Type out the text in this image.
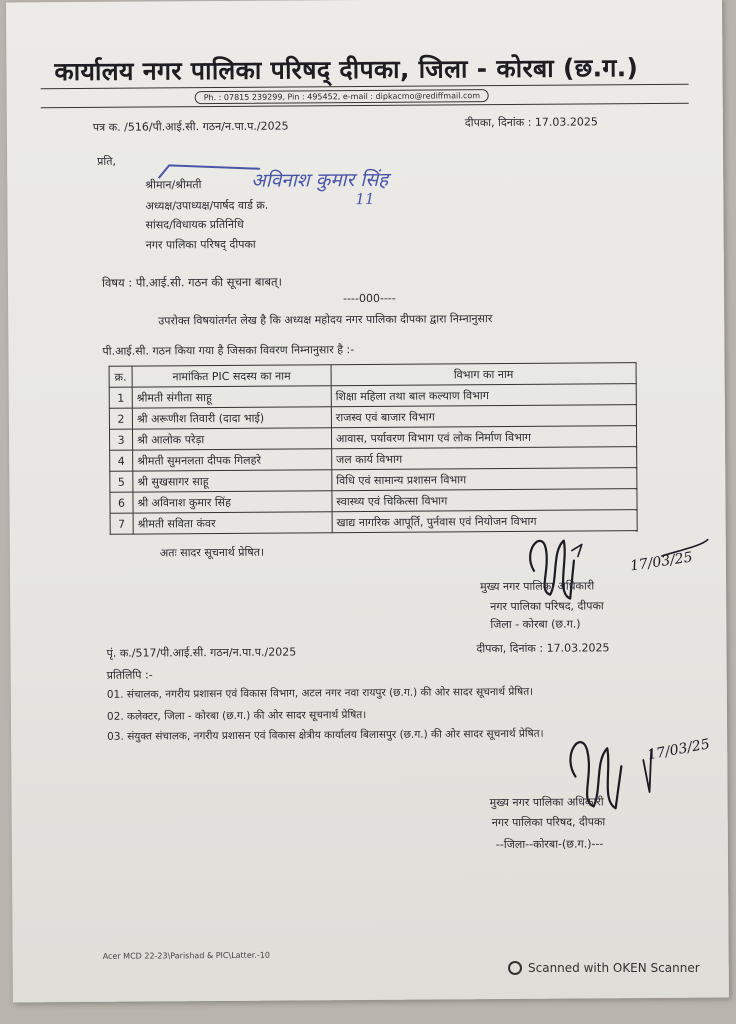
कार्यालय नगर पालिका परिषद् दीपका, जिला - कोरबा (छ.ग.)
Ph. : 07815 239299, Pin : 495452, e-mail : dipkacmo@rediffmail.com
पत्र क. /516/पी.आई.सी. गठन/न.पा.प./2025	दीपका, दिनांक : 17.03.2025
प्रति,
श्रीमान/श्रीमती	अविनाश कुमार सिंह
अध्यक्ष/उपाध्यक्ष/पार्षद वार्ड क्र.	11
सांसद/विधायक प्रतिनिधि
नगर पालिका परिषद् दीपका
विषय : पी.आई.सी. गठन की सूचना बाबत्।
----000----
उपरोक्त विषयांतर्गत लेख है कि अध्यक्ष महोदय नगर पालिका दीपका द्वारा निम्नानुसार
पी.आई.सी. गठन किया गया है जिसका विवरण निम्नानुसार है :-
क्र.	नामांकित PIC सदस्य का नाम	विभाग का नाम
1	श्रीमती संगीता साहू	शिक्षा महिला तथा बाल कल्याण विभाग
2	श्री अरूणीश तिवारी (दादा भाई)	राजस्व एवं बाजार विभाग
3	श्री आलोक परेड़ा	आवास, पर्यावरण विभाग एवं लोक निर्माण विभाग
4	श्रीमती सुमनलता दीपक गिलहरे	जल कार्य विभाग
5	श्री सुखसागर साहू	विधि एवं सामान्य प्रशासन विभाग
6	श्री अविनाश कुमार सिंह	स्वास्थ्य एवं चिकित्सा विभाग
7	श्रीमती सविता कंवर	खाद्य नागरिक आपूर्ति, पुर्नवास एवं नियोजन विभाग
अतः सादर सूचनार्थ प्रेषित।	17/03/25
मुख्य नगर पालिका अधिकारी
नगर पालिका परिषद, दीपका
जिला - कोरबा (छ.ग.)
पृं. क./517/पी.आई.सी. गठन/न.पा.प./2025	दीपका, दिनांक : 17.03.2025
प्रतिलिपि :-
01. संचालक, नगरीय प्रशासन एवं विकास विभाग, अटल नगर नवा रायपुर (छ.ग.) की ओर सादर सूचनार्थ प्रेषित।
02. कलेक्टर, जिला - कोरबा (छ.ग.) की ओर सादर सूचनार्थ प्रेषित।
03. संयुक्त संचालक, नगरीय प्रशासन एवं विकास क्षेत्रीय कार्यालय बिलासपुर (छ.ग.) की ओर सादर सूचनार्थ प्रेषित।
17/03/25
मुख्य नगर पालिका अधिकारी
नगर पालिका परिषद, दीपका
--जिला--कोरबा-(छ.ग.)---
Acer MCD 22-23\Parishad & PIC\Latter.-10
Scanned with OKEN Scanner
